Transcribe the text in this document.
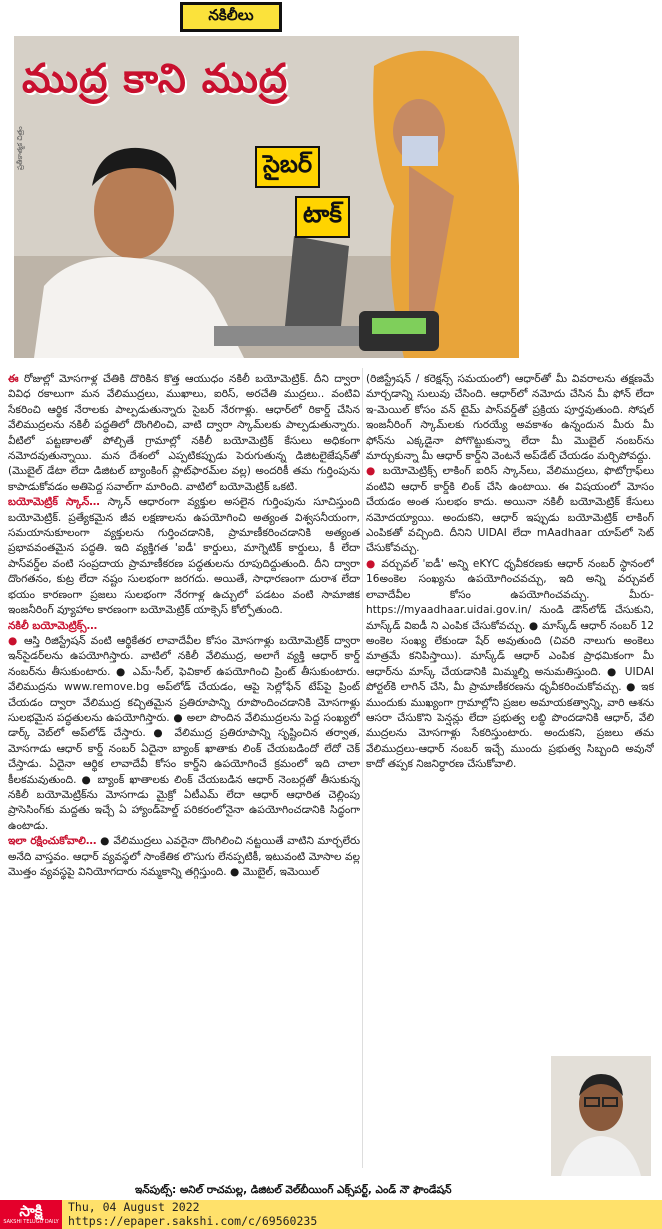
నకిలీలు
ముద్ర కాని ముద్ర
సైబర్
టాక్
ప్రతీకాత్మక చిత్రం

ఈ రోజుల్లో మోసగాళ్ల చేతికి దొరికిన కొత్త ఆయుధం నకిలీ బయోమెట్రిక్. దీని ద్వారా వివిధ రకాలుగా మన వేలిముద్రలు, ముఖాలు, ఐరిస్, అరచేతి ముద్రలు.. వంటివి సేకరించి ఆర్థిక నేరాలకు పాల్పడుతున్నారు సైబర్ నేరగాళ్లు. ఆధార్‌లో రికార్డ్ చేసిన వేలిముద్రలను నకిలీ పద్ధతిలో దొంగిలించి, వాటి ద్వారా స్కామ్‌లకు పాల్పడుతున్నారు. వీటిలో పట్టణాలతో పోల్చితే గ్రామాల్లో నకిలీ బయోమెట్రిక్ కేసులు అధికంగా నమోదవుతున్నాయి. మన దేశంలో ఎప్పటికప్పుడు పెరుగుతున్న డిజిటలైజేషన్‌తో (మొబైల్ డేటా లేదా డిజిటల్ బ్యాంకింగ్ ప్లాట్‌ఫారమ్‌ల వల్ల) అందరికీ తమ గుర్తింపును కాపాడుకోవడం అతిపెద్ద సవాల్‌గా మారింది. వాటిలో బయోమెట్రిక్ ఒకటి.

బయోమెట్రిక్ స్కాన్… స్కాన్ ఆధారంగా వ్యక్తుల అసలైన గుర్తింపును సూచిస్తుంది బయోమెట్రిక్. ప్రత్యేకమైన జీవ లక్షణాలను ఉపయోగించి అత్యంత విశ్వసనీయంగా, సమయానుకూలంగా వ్యక్తులను గుర్తించడానికి, ప్రామాణీకరించడానికి అత్యంత ప్రభావవంతమైన పద్ధతి. ఇది వ్యక్తిగత 'ఐడీ' కార్డులు, మాగ్నెటిక్ కార్డులు, కీ లేదా పాస్‌వర్డ్‌ల వంటి సంప్రదాయ ప్రామాణీకరణ పద్ధతులను రూపుదిద్దుతుంది. దీని ద్వారా దొంగతనం, కుట్ర లేదా నష్టం సులభంగా జరగదు. అయితే, సాధారణంగా దురాశ లేదా భయం కారణంగా ప్రజలు సులభంగా నేరగాళ్ల ఉచ్చులో పడటం వంటి సామాజిక ఇంజనీరింగ్ వ్యూహాల కారణంగా బయోమెట్రిక్ యాక్సెస్ కోల్పోతుంది.

నకిలీ బయోమెట్రిక్స్…

● ఆస్తి రిజిస్ట్రేషన్ వంటి ఆర్థికేతర లావాదేవీల కోసం మోసగాళ్లు బయోమెట్రిక్ ద్వారా ఇన్‌సైడర్‌లను ఉపయోగిస్తారు. వాటిలో నకిలీ వేలిముద్ర, అలాగే వ్యక్తి ఆధార్ కార్డ్ నంబర్‌ను తీసుకుంటారు. ● ఎమ్-సీల్, ఫెవికాల్ ఉపయోగించి ప్రింట్ తీసుకుంటారు. వేలిముద్రను www.remove.bg అప్‌లోడ్ చేయడం, ఆపై సెల్లోఫేన్ టేప్‌పై ప్రింట్ చేయడం ద్వారా వేలిముద్ర కచ్చితమైన ప్రతిరూపాన్ని రూపొందించడానికి మోసగాళ్లు సులభమైన పద్ధతులను ఉపయోగిస్తారు. ● అలా పొందిన వేలిముద్రలను పెద్ద సంఖ్యలో డార్క్ వెబ్‌లో అప్‌లోడ్ చేస్తారు. ● వేలిముద్ర ప్రతిరూపాన్ని సృష్టించిన తర్వాత, మోసగాడు ఆధార్ కార్డ్ నంబర్ ఏదైనా బ్యాంక్ ఖాతాకు లింక్ చేయబడిందో లేదో చెక్ చేస్తాడు. ఏదైనా ఆర్థిక లావాదేవీ కోసం కార్డ్‌ని ఉపయోగించే క్రమంలో ఇది చాలా కీలకమవుతుంది. ● బ్యాంక్ ఖాతాలకు లింక్ చేయబడిన ఆధార్ నెంబర్లతో తీసుకున్న నకిలీ బయోమెట్రిక్‌ను మోసగాడు మైక్రో ఏటీఎమ్ లేదా ఆధార్ ఆధారిత చెల్లింపు ప్రాసెసింగ్‌కు మద్దతు ఇచ్చే ఏ హ్యాండ్‌హెల్డ్ పరికరంలోనైనా ఉపయోగించడానికి సిద్ధంగా ఉంటాడు.

ఇలా రక్షించుకోవాలి… ● వేలిముద్రలు ఎవరైనా దొంగిలించి నట్టయితే వాటిని మార్చలేరు అనేది వాస్తవం. ఆధార్ వ్యవస్థలో సాంకేతిక లొసుగు లేనప్పటికీ, ఇటువంటి మోసాల వల్ల మొత్తం వ్యవస్థపై వినియోగదారు నమ్మకాన్ని తగ్గిస్తుంది. ● మొబైల్, ఇమెయిల్

(రిజిస్ట్రేషన్ / కరెక్షన్స్ సమయంలో) ఆధార్‌తో మీ వివరాలను తక్షణమే మార్చడాన్ని సులువు చేసింది. ఆధార్‌లో నమోదు చేసిన మీ ఫోన్ లేదా ఇ-మెయిల్ కోసం వన్ టైమ్ పాస్‌వర్డ్‌తో ప్రక్రియ పూర్తవుతుంది. సోషల్ ఇంజనీరింగ్ స్కామ్‌లకు గురయ్యే అవకాశం ఉన్నందున మీరు మీ ఫోన్‌ను ఎక్కడైనా పోగొట్టుకున్నా లేదా మీ మొబైల్ నంబర్‌ను మార్చుకున్నా మీ ఆధార్ కార్డ్‌ని వెంటనే అప్‌డేట్ చేయడం మర్చిపోవద్దు.

● బయోమెట్రిక్స్ లాకింగ్ ఐరిస్ స్కాన్‌లు, వేలిముద్రలు, ఫొటోగ్రాఫ్‌లు వంటివి ఆధార్ కార్డ్‌కి లింక్ చేసి ఉంటాయి. ఈ విషయంలో మోసం చేయడం అంత సులభం కాదు. అయినా నకిలీ బయోమెట్రిక్ కేసులు నమోదయ్యాయి. అందుకని, ఆధార్ ఇప్పుడు బయోమెట్రిక్ లాకింగ్ ఎంపికతో వచ్చింది. దీనిని UIDAI లేదా mAadhaar యాప్‌లో సెట్ చేసుకోవచ్చు.

● వర్చువల్ 'ఐడీ' అన్ని eKYC ధృవీకరణకు ఆధార్ నంబర్ స్థానంలో 16అంకెల సంఖ్యను ఉపయోగించవచ్చు, ఇది అన్ని వర్చువల్ లావాదేవీల కోసం ఉపయోగించవచ్చు. మీరు-https://myaadhaar.uidai.gov.in/ నుండి డౌన్‌లోడ్ చేసుకుని, మాస్క్‌డ్ విఐడీ ని ఎంపిక చేసుకోవచ్చు. ● మాస్క్‌డ్ ఆధార్ నంబర్ 12 అంకెల సంఖ్య లేకుండా షేర్ అవుతుంది (చివరి నాలుగు అంకెలు మాత్రమే కనిపిస్తాయి). మాస్క్‌డ్ ఆధార్ ఎంపిక ప్రాధమికంగా మీ ఆధార్‌ను మాస్క్ చేయడానికి మిమ్మల్ని అనుమతిస్తుంది. ● UIDAI పోర్టల్‌కి లాగిన్ చేసి, మీ ప్రామాణీకరణను ధృవీకరించుకోవచ్చు. ● ఇక ముందుకు ముఖ్యంగా గ్రామాల్లోని ప్రజల అమాయకత్వాన్ని, వారి ఆశను ఆసరా చేసుకొని పెన్షన్లు లేదా ప్రభుత్వ లబ్ధి పొందడానికి ఆధార్, వేలి ముద్రలను మోసగాళ్లు సేకరిస్తుంటారు. అందుకని, ప్రజలు తమ వేలిముద్రలు-ఆధార్ నంబర్ ఇచ్చే ముందు ప్రభుత్వ సిబ్బంది అవునో కాదో తప్పక నిజనిర్ధారణ చేసుకోవాలి.

ఇన్‌పుట్స్: అనిల్ రాచమల్ల, డిజిటల్ వెల్‌బీయింగ్ ఎక్స్‌పర్ట్, ఎండ్ నౌ ఫౌండేషన్
సాక్షి
SAKSHI TELUGU DAILY
Thu, 04 August 2022
https://epaper.sakshi.com/c/69560235
